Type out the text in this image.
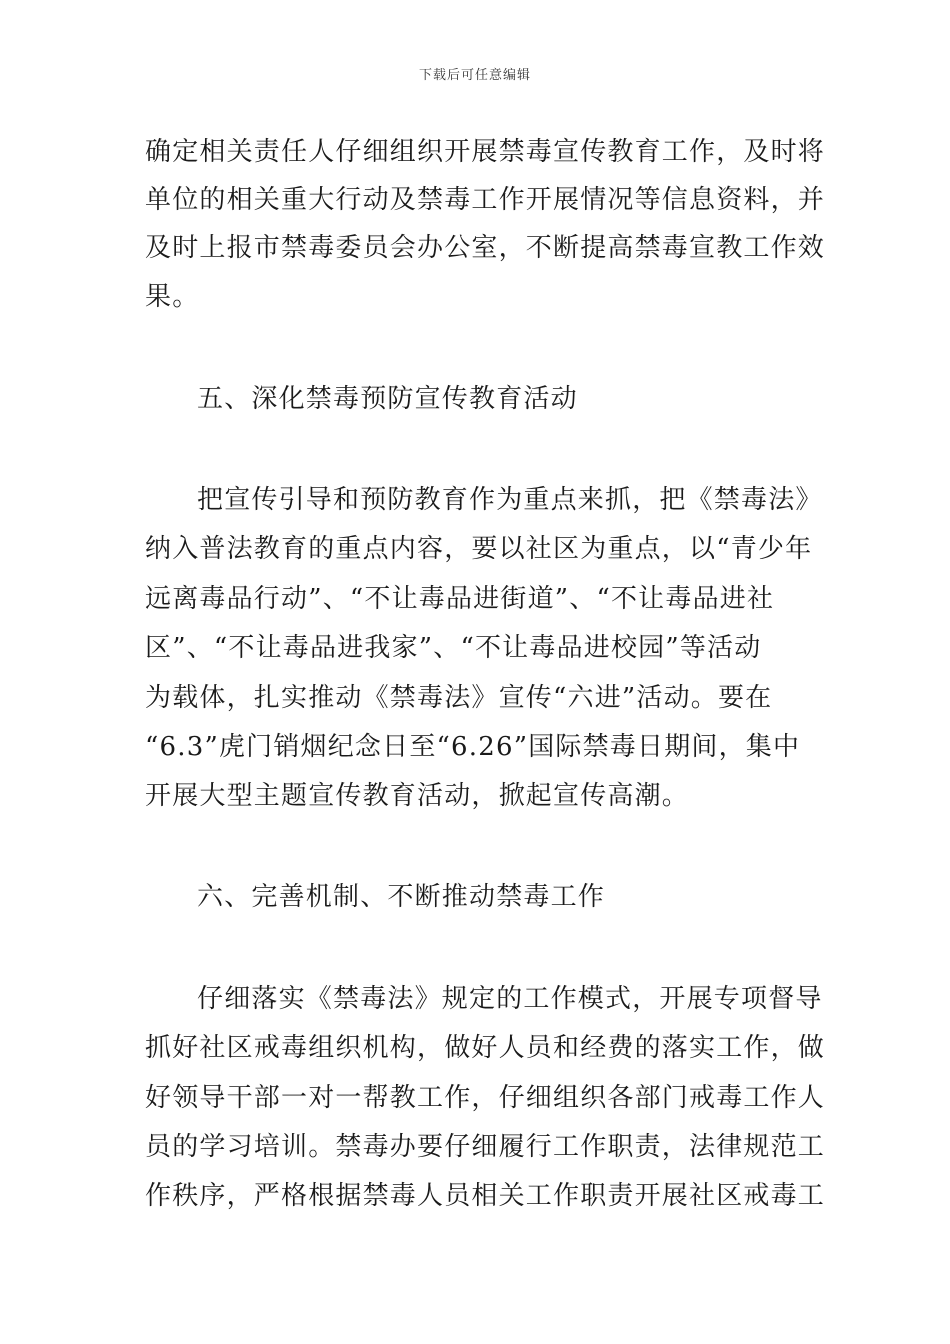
下载后可任意编辑
确定相关责任人仔细组织开展禁毒宣传教育工作，及时将
单位的相关重大行动及禁毒工作开展情况等信息资料，并
及时上报市禁毒委员会办公室，不断提高禁毒宣教工作效
果。
五、深化禁毒预防宣传教育活动
把宣传引导和预防教育作为重点来抓，把《禁毒法》
纳入普法教育的重点内容，要以社区为重点，以“青少年
远离毒品行动”、“不让毒品进街道”、“不让毒品进社
区”、“不让毒品进我家”、“不让毒品进校园”等活动
为载体，扎实推动《禁毒法》宣传“六进”活动。要在
“6.3”虎门销烟纪念日至“6.26”国际禁毒日期间，集中
开展大型主题宣传教育活动，掀起宣传高潮。
六、完善机制、不断推动禁毒工作
仔细落实《禁毒法》规定的工作模式，开展专项督导
抓好社区戒毒组织机构，做好人员和经费的落实工作，做
好领导干部一对一帮教工作，仔细组织各部门戒毒工作人
员的学习培训。禁毒办要仔细履行工作职责，法律规范工
作秩序，严格根据禁毒人员相关工作职责开展社区戒毒工
